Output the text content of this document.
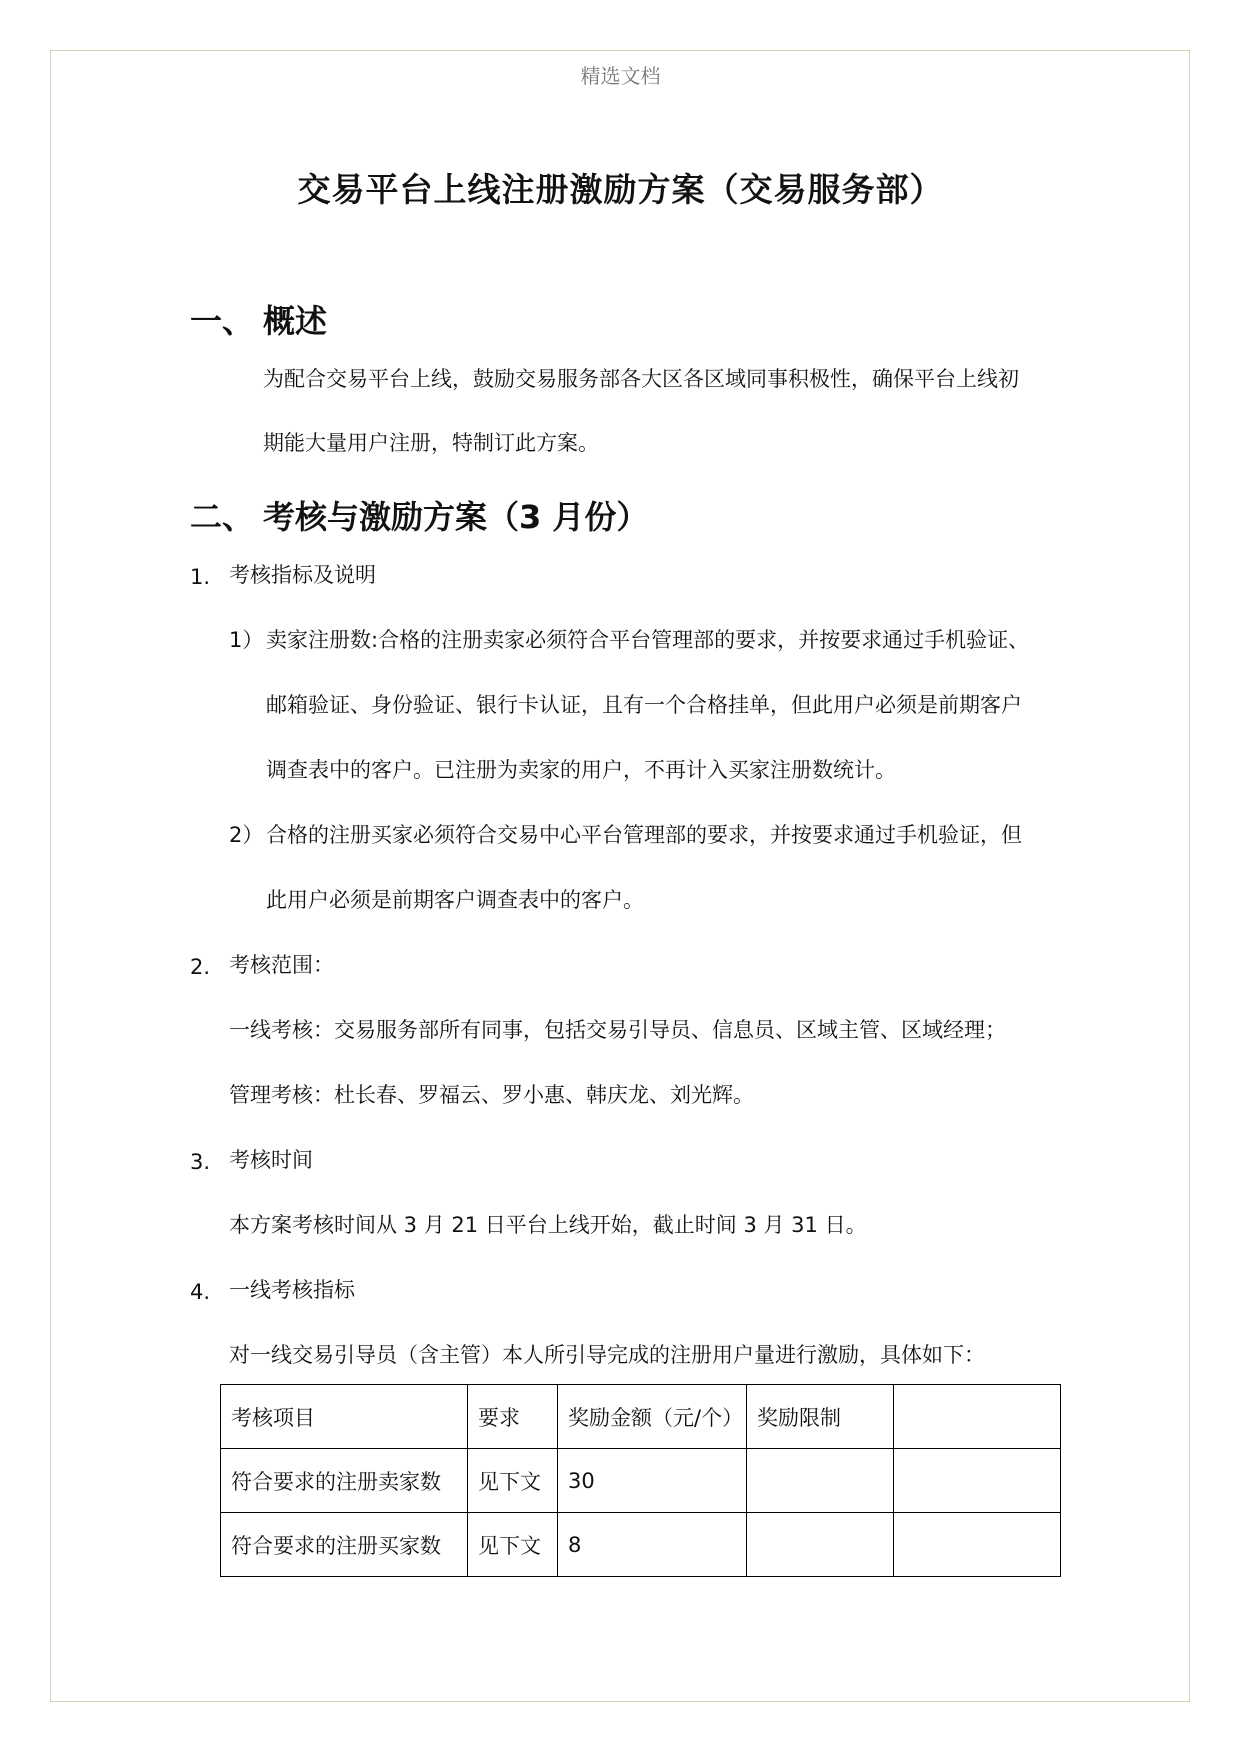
精选文档
交易平台上线注册激励方案（交易服务部）
一、 概述
为配合交易平台上线，鼓励交易服务部各大区各区域同事积极性，确保平台上线初
期能大量用户注册，特制订此方案。
二、 考核与激励方案（3 月份）
1. 考核指标及说明
1） 卖家注册数:合格的注册卖家必须符合平台管理部的要求，并按要求通过手机验证、
邮箱验证、身份验证、银行卡认证，且有一个合格挂单，但此用户必须是前期客户
调查表中的客户。已注册为卖家的用户，不再计入买家注册数统计。
2） 合格的注册买家必须符合交易中心平台管理部的要求，并按要求通过手机验证，但
此用户必须是前期客户调查表中的客户。
2. 考核范围：
一线考核：交易服务部所有同事，包括交易引导员、信息员、区域主管、区域经理；
管理考核：杜长春、罗福云、罗小惠、韩庆龙、刘光辉。
3. 考核时间
本方案考核时间从 3 月 21 日平台上线开始，截止时间 3 月 31 日。
4. 一线考核指标
对一线交易引导员（含主管）本人所引导完成的注册用户量进行激励，具体如下：
考核项目	要求	奖励金额（元/个）	奖励限制	
符合要求的注册卖家数	见下文	30		
符合要求的注册买家数	见下文	8		
